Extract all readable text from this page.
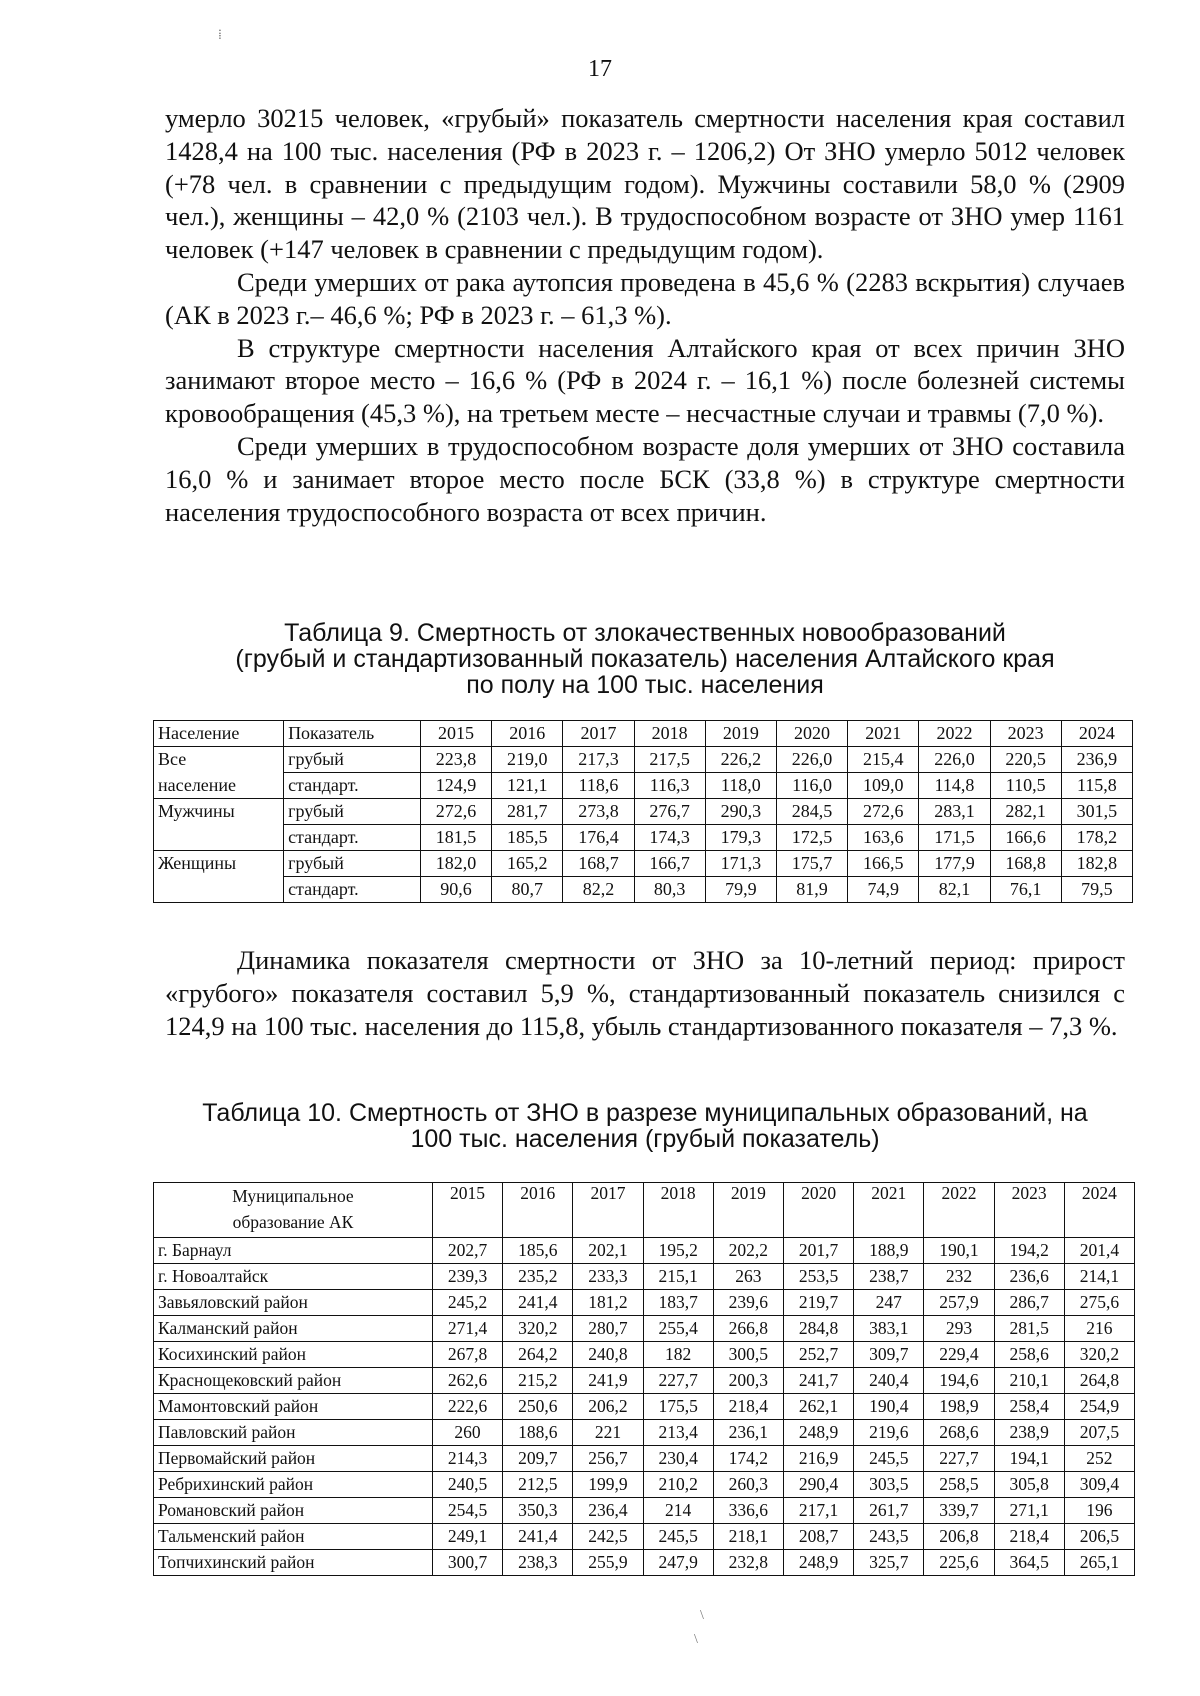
⁞
17

умерло 30215 человек, «грубый» показатель смертности населения края составил 1428,4 на 100 тыс. населения (РФ в 2023 г. – 1206,2) От ЗНО умерло 5012 человек (+78 чел. в сравнении с предыдущим годом). Мужчины составили 58,0 % (2909 чел.), женщины – 42,0 % (2103 чел.). В трудоспособном возрасте от ЗНО умер 1161 человек (+147 человек в сравнении с предыдущим годом).

Среди умерших от рака аутопсия проведена в 45,6 % (2283 вскрытия) случаев (АК в 2023 г.– 46,6 %; РФ в 2023 г. – 61,3 %).

В структуре смертности населения Алтайского края от всех причин ЗНО занимают второе место – 16,6 % (РФ в 2024 г. – 16,1 %) после болезней системы кровообращения (45,3 %), на третьем месте – несчастные случаи и травмы (7,0 %).

Среди умерших в трудоспособном возрасте доля умерших от ЗНО составила 16,0 % и занимает второе место после БСК (33,8 %) в структуре смертности населения трудоспособного возраста от всех причин.

Таблица 9. Смертность от злокачественных новообразований
(грубый и стандартизованный показатель) населения Алтайского края
по полу на 100 тыс. населения
Население	Показатель	2015	2016	2017	2018	2019	2020	2021	2022	2023	2024
Все	грубый	223,8	219,0	217,3	217,5	226,2	226,0	215,4	226,0	220,5	236,9
население	стандарт.	124,9	121,1	118,6	116,3	118,0	116,0	109,0	114,8	110,5	115,8
Мужчины	грубый	272,6	281,7	273,8	276,7	290,3	284,5	272,6	283,1	282,1	301,5
	стандарт.	181,5	185,5	176,4	174,3	179,3	172,5	163,6	171,5	166,6	178,2
Женщины	грубый	182,0	165,2	168,7	166,7	171,3	175,7	166,5	177,9	168,8	182,8
	стандарт.	90,6	80,7	82,2	80,3	79,9	81,9	74,9	82,1	76,1	79,5

Динамика показателя смертности от ЗНО за 10-летний период: прирост «грубого» показателя составил 5,9 %, стандартизованный показатель снизился с 124,9 на 100 тыс. населения до 115,8, убыль стандартизованного показателя – 7,3 %.

Таблица 10. Смертность от ЗНО в разрезе муниципальных образований, на
100 тыс. населения (грубый показатель)
Муниципальное
образование АК	2015	2016	2017	2018	2019	2020	2021	2022	2023	2024
г. Барнаул	202,7	185,6	202,1	195,2	202,2	201,7	188,9	190,1	194,2	201,4
г. Новоалтайск	239,3	235,2	233,3	215,1	263	253,5	238,7	232	236,6	214,1
Завьяловский район	245,2	241,4	181,2	183,7	239,6	219,7	247	257,9	286,7	275,6
Калманский район	271,4	320,2	280,7	255,4	266,8	284,8	383,1	293	281,5	216
Косихинский район	267,8	264,2	240,8	182	300,5	252,7	309,7	229,4	258,6	320,2
Краснощековский район	262,6	215,2	241,9	227,7	200,3	241,7	240,4	194,6	210,1	264,8
Мамонтовский район	222,6	250,6	206,2	175,5	218,4	262,1	190,4	198,9	258,4	254,9
Павловский район	260	188,6	221	213,4	236,1	248,9	219,6	268,6	238,9	207,5
Первомайский район	214,3	209,7	256,7	230,4	174,2	216,9	245,5	227,7	194,1	252
Ребрихинский район	240,5	212,5	199,9	210,2	260,3	290,4	303,5	258,5	305,8	309,4
Романовский район	254,5	350,3	236,4	214	336,6	217,1	261,7	339,7	271,1	196
Тальменский район	249,1	241,4	242,5	245,5	218,1	208,7	243,5	206,8	218,4	206,5
Топчихинский район	300,7	238,3	255,9	247,9	232,8	248,9	325,7	225,6	364,5	265,1
\
\
